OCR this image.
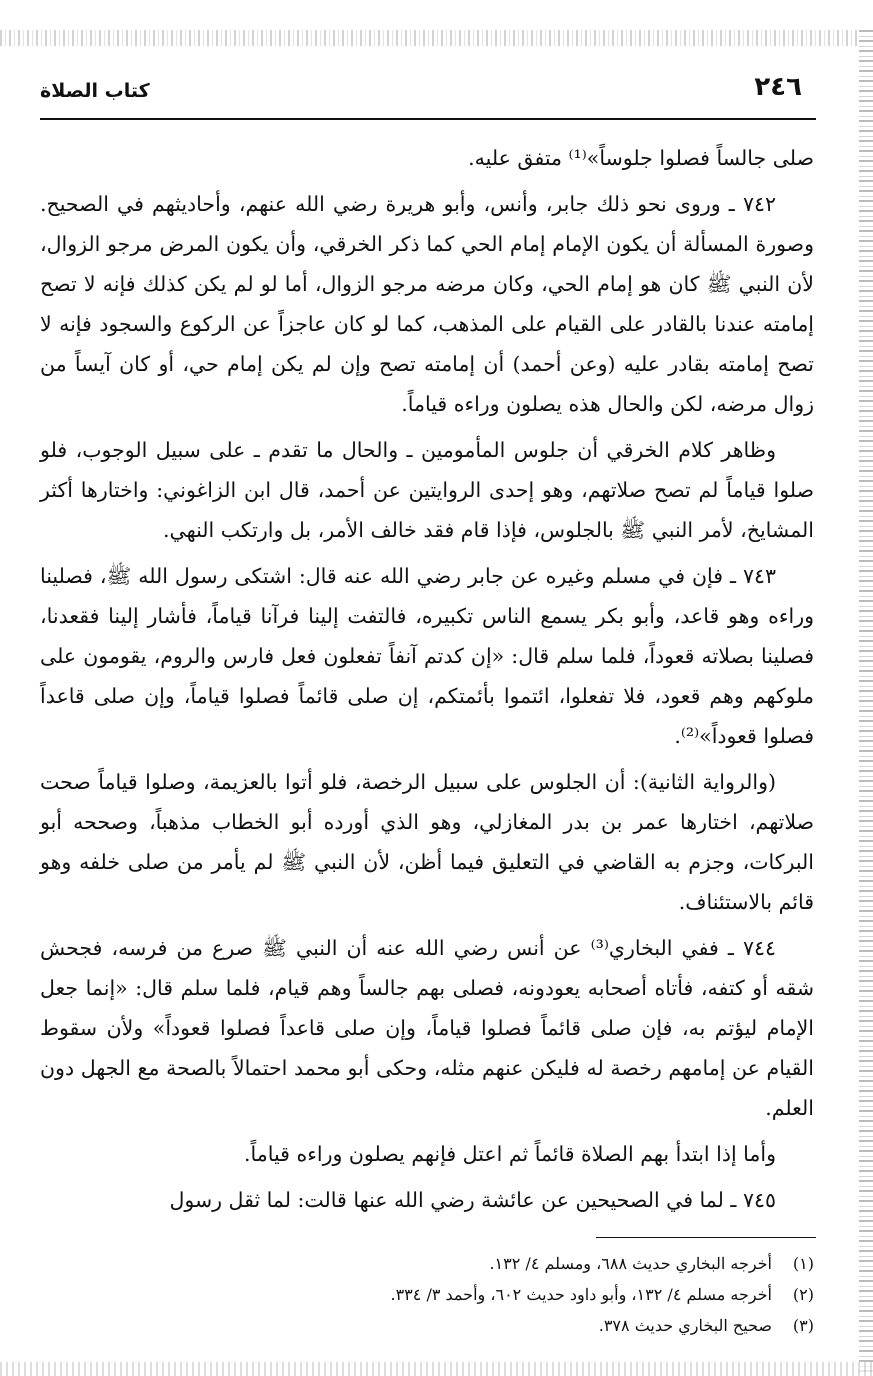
٢٤٦
كتاب الصلاة

صلى جالساً فصلوا جلوساً»⁽¹⁾ متفق عليه.

٧٤٢ ـ وروى نحو ذلك جابر، وأنس، وأبو هريرة رضي الله عنهم، وأحاديثهم في الصحيح. وصورة المسألة أن يكون الإمام إمام الحي كما ذكر الخرقي، وأن يكون المرض مرجو الزوال، لأن النبي ﷺ كان هو إمام الحي، وكان مرضه مرجو الزوال، أما لو لم يكن كذلك فإنه لا تصح إمامته عندنا بالقادر على القيام على المذهب، كما لو كان عاجزاً عن الركوع والسجود فإنه لا تصح إمامته بقادر عليه (وعن أحمد) أن إمامته تصح وإن لم يكن إمام حي، أو كان آيساً من زوال مرضه، لكن والحال هذه يصلون وراءه قياماً.

وظاهر كلام الخرقي أن جلوس المأمومين ـ والحال ما تقدم ـ على سبيل الوجوب، فلو صلوا قياماً لم تصح صلاتهم، وهو إحدى الروايتين عن أحمد، قال ابن الزاغوني: واختارها أكثر المشايخ، لأمر النبي ﷺ بالجلوس، فإذا قام فقد خالف الأمر، بل وارتكب النهي.

٧٤٣ ـ فإن في مسلم وغيره عن جابر رضي الله عنه قال: اشتكى رسول الله ﷺ، فصلينا وراءه وهو قاعد، وأبو بكر يسمع الناس تكبيره، فالتفت إلينا فرآنا قياماً، فأشار إلينا فقعدنا، فصلينا بصلاته قعوداً، فلما سلم قال: «إن كدتم آنفاً تفعلون فعل فارس والروم، يقومون على ملوكهم وهم قعود، فلا تفعلوا، ائتموا بأئمتكم، إن صلى قائماً فصلوا قياماً، وإن صلى قاعداً فصلوا قعوداً»⁽²⁾.

(والرواية الثانية): أن الجلوس على سبيل الرخصة، فلو أتوا بالعزيمة، وصلوا قياماً صحت صلاتهم، اختارها عمر بن بدر المغازلي، وهو الذي أورده أبو الخطاب مذهباً، وصححه أبو البركات، وجزم به القاضي في التعليق فيما أظن، لأن النبي ﷺ لم يأمر من صلى خلفه وهو قائم بالاستئناف.

٧٤٤ ـ ففي البخاري⁽³⁾ عن أنس رضي الله عنه أن النبي ﷺ صرع من فرسه، فجحش شقه أو كتفه، فأتاه أصحابه يعودونه، فصلى بهم جالساً وهم قيام، فلما سلم قال: «إنما جعل الإمام ليؤتم به، فإن صلى قائماً فصلوا قياماً، وإن صلى قاعداً فصلوا قعوداً» ولأن سقوط القيام عن إمامهم رخصة له فليكن عنهم مثله، وحكى أبو محمد احتمالاً بالصحة مع الجهل دون العلم.

وأما إذا ابتدأ بهم الصلاة قائماً ثم اعتل فإنهم يصلون وراءه قياماً.

٧٤٥ ـ لما في الصحيحين عن عائشة رضي الله عنها قالت: لما ثقل رسول

(١)
أخرجه البخاري حديث ٦٨٨، ومسلم ٤/ ١٣٢.
(٢)
أخرجه مسلم ٤/ ١٣٢، وأبو داود حديث ٦٠٢، وأحمد ٣/ ٣٣٤.
(٣)
صحيح البخاري حديث ٣٧٨.
